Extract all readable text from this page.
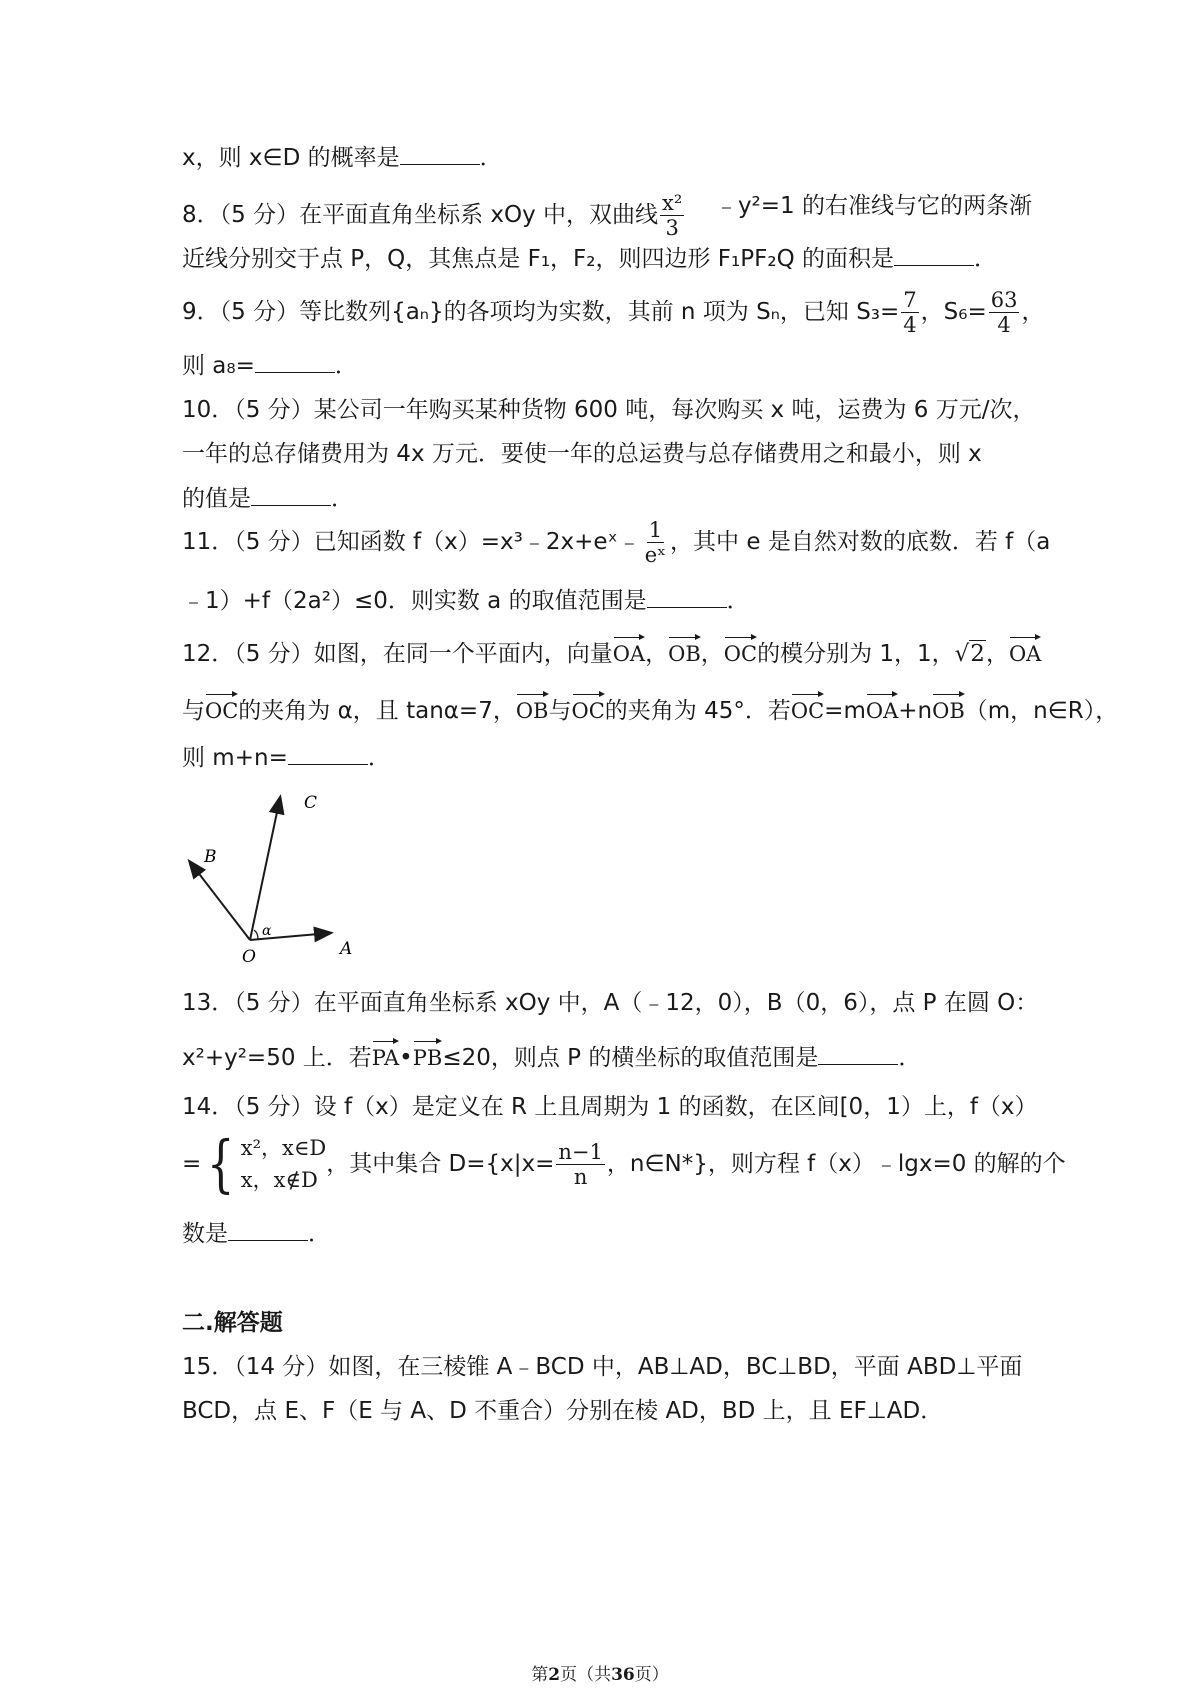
x，则 x∈D 的概率是	．
8．（5 分）在平面直角坐标系 xOy 中，双曲线 $\frac{\text{x²}}{3}$ ﹣y²=1 的右准线与它的两条渐
近线分别交于点 P，Q，其焦点是 F₁，F₂，则四边形 F₁PF₂Q 的面积是	．
9．（5 分）等比数列{aₙ}的各项均为实数，其前 n 项为 Sₙ，已知 $S_3= \frac{7}{4}$ ，$S_6= \frac{63}{4}$ ，
则 a₈=	．
10．（5 分）某公司一年购买某种货物 600 吨，每次购买 x 吨，运费为 6 万元/次，
一年的总存储费用为 4x 万元．要使一年的总运费与总存储费用之和最小，则 x
的值是	．
11．（5 分）已知函数 f（x）=x³﹣2x+eˣ﹣ $\frac{1}{\text{eˣ}}$ ，其中 e 是自然对数的底数．若 f（a
﹣1）+f（2a²）≤0．则实数 a 的取值范围是	．
12．（5 分）如图，在同一个平面内，向量OA，OB，OC的模分别为 1，1，√2，OA
与OC的夹角为 α，且 tanα=7，OB与OC的夹角为 45°．若OC=mOA+nOB（m，n∈R），
则 m+n=	．
O	A
B
C
α
13．（5 分）在平面直角坐标系 xOy 中，A（﹣12，0），B（0，6），点 P 在圆 O：
x²+y²=50 上．若PA•PB≤20，则点 P 的横坐标的取值范围是	．
14．（5 分）设 f（x）是定义在 R 上且周期为 1 的函数，在区间[0，1）上，f（x）
= { x²，x∈D
x，x∉D
，其中集合 $D=\{x|x= \frac{n-1}{n}$ ，n∈N*}，则方程 f（x）﹣lgx=0 的解的个
数是	．
二.解答题
15．（14 分）如图，在三棱锥 A﹣BCD 中，AB⊥AD，BC⊥BD，平面 ABD⊥平面
BCD，点 E、F（E 与 A、D 不重合）分别在棱 AD，BD 上，且 EF⊥AD．
第2页（共36页）
